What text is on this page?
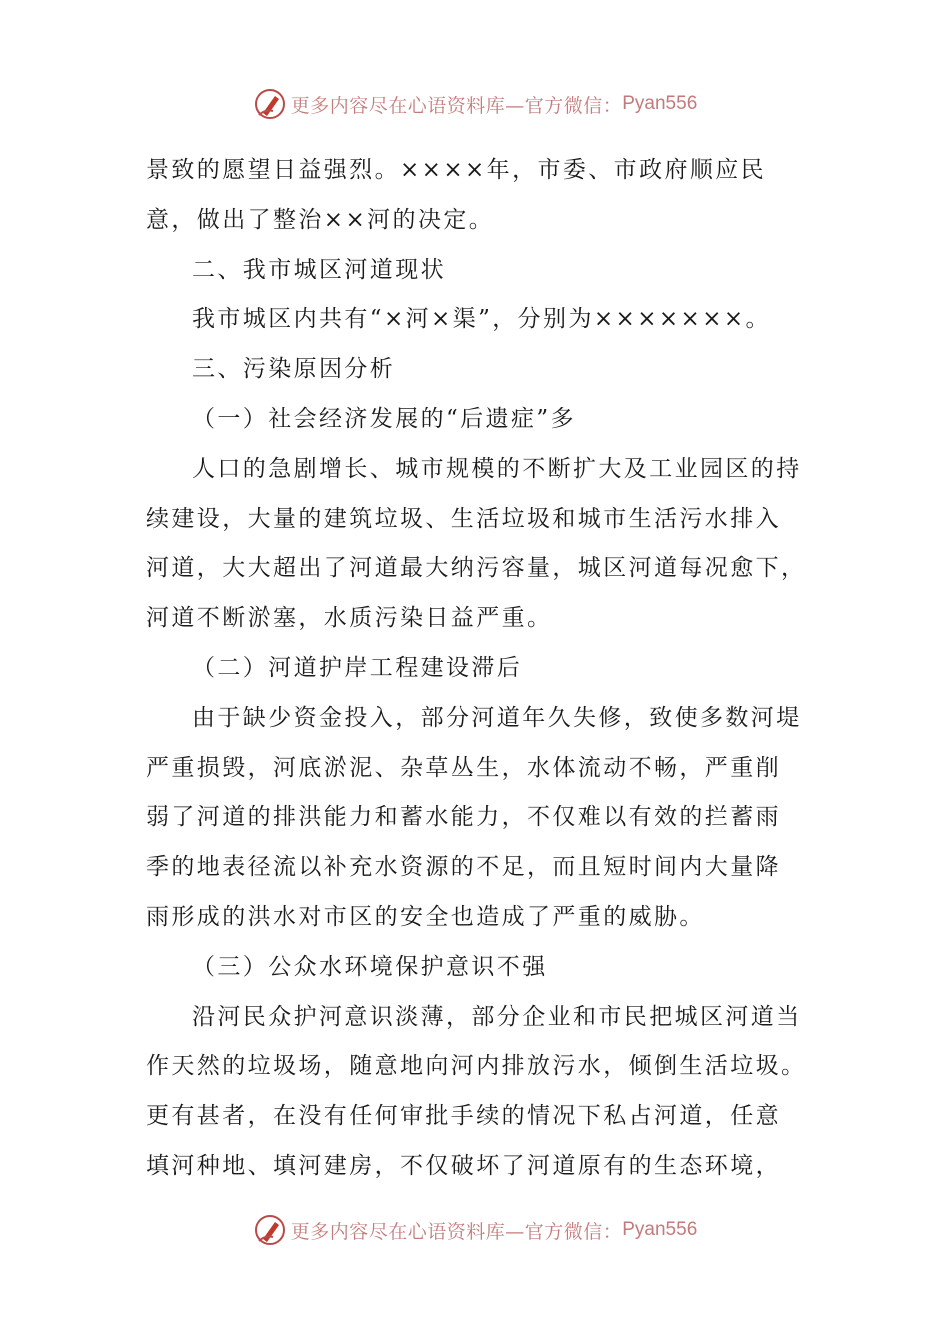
更多内容尽在心语资料库—官方微信： Pyan556
景致的愿望日益强烈。××××年，市委、市政府顺应民
意，做出了整治××河的决定。
二、我市城区河道现状
我市城区内共有“×河×渠”，分别为×××××××。
三、污染原因分析
（一）社会经济发展的“后遗症”多
人口的急剧增长、城市规模的不断扩大及工业园区的持
续建设，大量的建筑垃圾、生活垃圾和城市生活污水排入
河道，大大超出了河道最大纳污容量，城区河道每况愈下，
河道不断淤塞，水质污染日益严重。
（二）河道护岸工程建设滞后
由于缺少资金投入，部分河道年久失修，致使多数河堤
严重损毁，河底淤泥、杂草丛生，水体流动不畅，严重削
弱了河道的排洪能力和蓄水能力，不仅难以有效的拦蓄雨
季的地表径流以补充水资源的不足，而且短时间内大量降
雨形成的洪水对市区的安全也造成了严重的威胁。
（三）公众水环境保护意识不强
沿河民众护河意识淡薄，部分企业和市民把城区河道当
作天然的垃圾场，随意地向河内排放污水，倾倒生活垃圾。
更有甚者，在没有任何审批手续的情况下私占河道，任意
填河种地、填河建房，不仅破坏了河道原有的生态环境，
更多内容尽在心语资料库—官方微信： Pyan556
